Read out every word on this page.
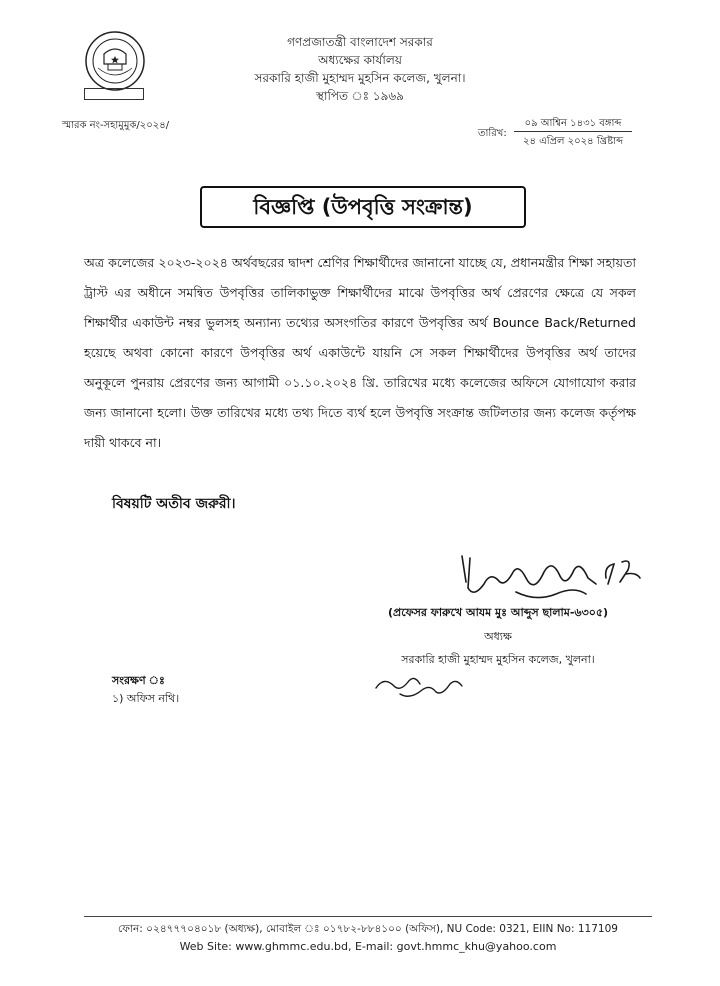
গণপ্রজাতন্ত্রী বাংলাদেশ সরকার
অধ্যক্ষের কার্যালয়
সরকারি হাজী মুহাম্মদ মুহসিন কলেজ, খুলনা।
স্থাপিত ঃ ১৯৬৯
স্মারক নং-সহামুমুক/২০২৪/
তারিখ:
০৯ আশ্বিন ১৪৩১ বঙ্গাব্দ
২৪ এপ্রিল ২০২৪ খ্রিষ্টাব্দ
বিজ্ঞপ্তি (উপবৃত্তি সংক্রান্ত)
অত্র কলেজের ২০২৩-২০২৪ অর্থবছরের দ্বাদশ শ্রেণির শিক্ষার্থীদের জানানো যাচ্ছে যে, প্রধানমন্ত্রীর শিক্ষা সহায়তা ট্রাস্ট এর অধীনে সমন্বিত উপবৃত্তির তালিকাভুক্ত শিক্ষার্থীদের মাঝে উপবৃত্তির অর্থ প্রেরণের ক্ষেত্রে যে সকল শিক্ষার্থীর একাউন্ট নম্বর ভুলসহ অন্যান্য তথ্যের অসংগতির কারণে উপবৃত্তির অর্থ Bounce Back/Returned হয়েছে অথবা কোনো কারণে উপবৃত্তির অর্থ একাউন্টে যায়নি সে সকল শিক্ষার্থীদের উপবৃত্তির অর্থ তাদের অনুকূলে পুনরায় প্রেরণের জন্য আগামী ০১.১০.২০২৪ খ্রি. তারিখের মধ্যে কলেজের অফিসে যোগাযোগ করার জন্য জানানো হলো। উক্ত তারিখের মধ্যে তথ্য দিতে ব্যর্থ হলে উপবৃত্তি সংক্রান্ত জটিলতার জন্য কলেজ কর্তৃপক্ষ দায়ী থাকবে না।
বিষয়টি অতীব জরুরী।
(প্রফেসর ফারুখে আযম মুঃ আব্দুস ছালাম-৬৩০৫)
অধ্যক্ষ
সরকারি হাজী মুহাম্মদ মুহসিন কলেজ, খুলনা।
সংরক্ষণ ঃ
১) অফিস নথি।
ফোন: ০২৪৭৭৭০৪০১৮ (অধ্যক্ষ), মোবাইল ঃ ০১৭৮২-৮৮৪১০০ (অফিস), NU Code: 0321, EIIN No: 117109
Web Site: www.ghmmc.edu.bd, E-mail: govt.hmmc_khu@yahoo.com
